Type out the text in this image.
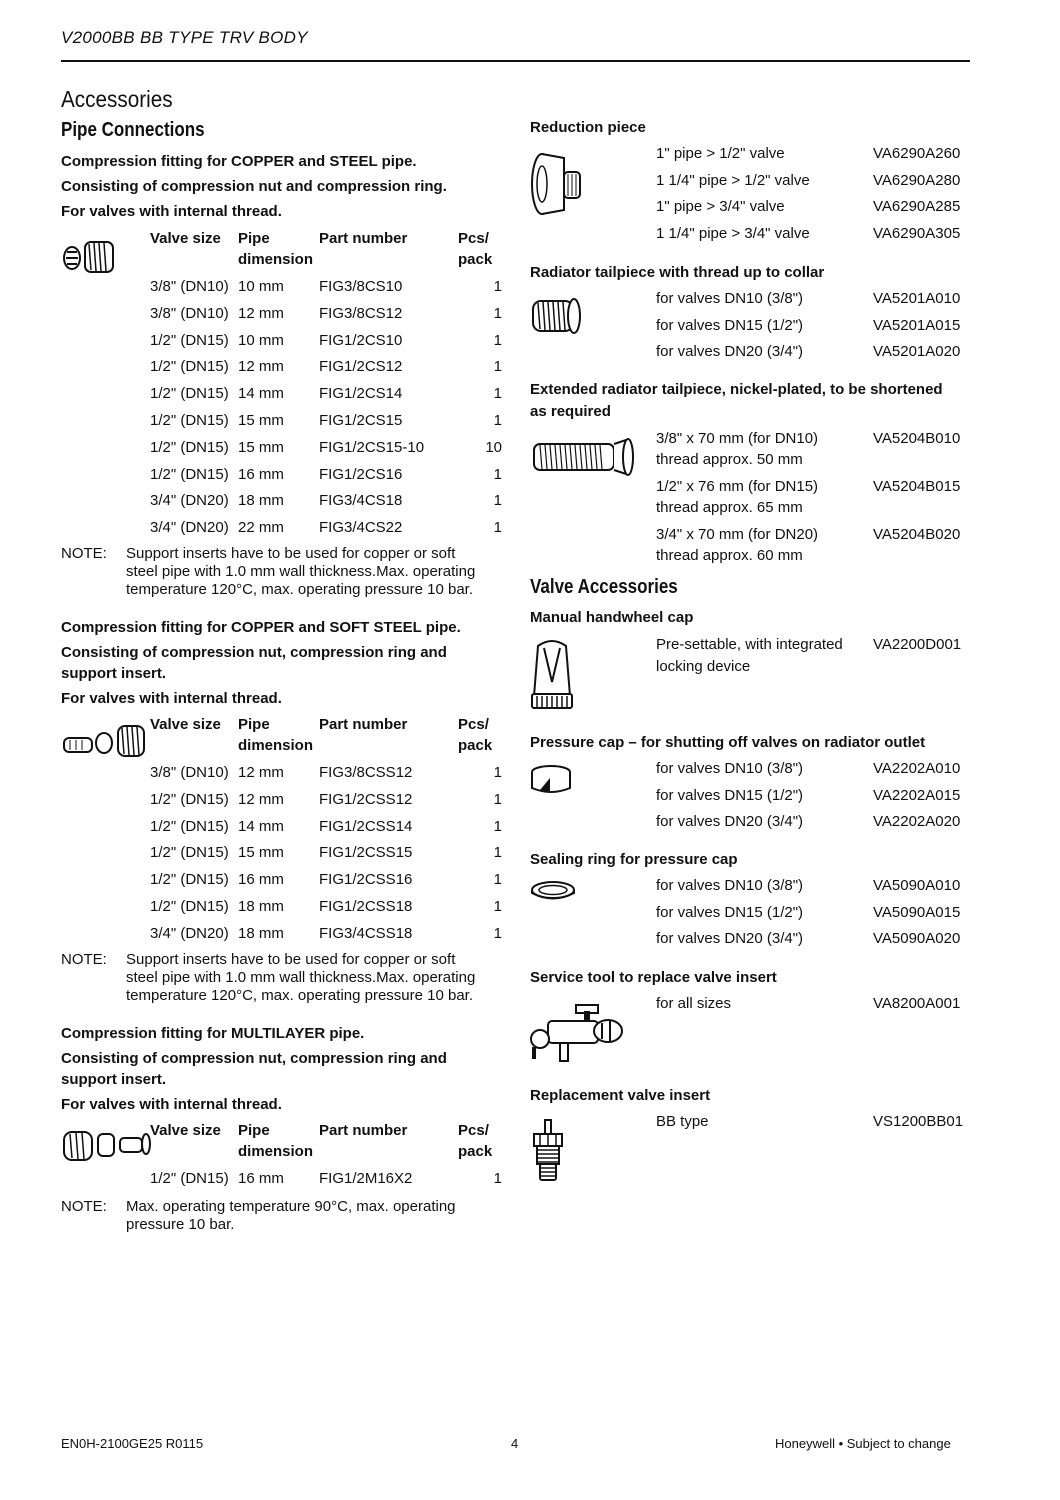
V2000BB BB TYPE TRV BODY
Accessories
Pipe Connections
Compression fitting for COPPER and STEEL pipe.
Consisting of compression nut and compression ring.
For valves with internal thread.
Valve size Pipe
dimension
Part number	Pcs/
pack
3/8" (DN10) 10 mm FIG3/8CS10	1
3/8" (DN10) 12 mm FIG3/8CS12	1
1/2" (DN15) 10 mm FIG1/2CS10	1
1/2" (DN15) 12 mm FIG1/2CS12	1
1/2" (DN15) 14 mm FIG1/2CS14	1
1/2" (DN15) 15 mm FIG1/2CS15	1
1/2" (DN15) 15 mm FIG1/2CS15-10	10
1/2" (DN15) 16 mm FIG1/2CS16	1
3/4" (DN20) 18 mm FIG3/4CS18	1
3/4" (DN20) 22 mm FIG3/4CS22	1
NOTE: Support inserts have to be used for copper or soft
steel pipe with 1.0 mm wall thickness.Max. operating
temperature 120°C, max. operating pressure 10 bar.
Compression fitting for COPPER and SOFT STEEL pipe.
Consisting of compression nut, compression ring and
support insert.
For valves with internal thread.
Valve size Pipe
dimension
Part number	Pcs/
pack
3/8" (DN10) 12 mm FIG3/8CSS12	1
1/2" (DN15) 12 mm FIG1/2CSS12	1
1/2" (DN15) 14 mm FIG1/2CSS14	1
1/2" (DN15) 15 mm FIG1/2CSS15	1
1/2" (DN15) 16 mm FIG1/2CSS16	1
1/2" (DN15) 18 mm FIG1/2CSS18	1
3/4" (DN20) 18 mm FIG3/4CSS18	1
NOTE: Support inserts have to be used for copper or soft
steel pipe with 1.0 mm wall thickness.Max. operating
temperature 120°C, max. operating pressure 10 bar.
Compression fitting for MULTILAYER pipe.
Consisting of compression nut, compression ring and
support insert.
For valves with internal thread.
Valve size Pipe
dimension
Part number	Pcs/
pack
1/2" (DN15) 16 mm FIG1/2M16X2	1
NOTE: Max. operating temperature 90°C, max. operating
pressure 10 bar.
Reduction piece
1" pipe > 1/2" valve	VA6290A260
1 1/4" pipe > 1/2" valve	VA6290A280
1" pipe > 3/4" valve	VA6290A285
1 1/4" pipe > 3/4" valve	VA6290A305
Radiator tailpiece with thread up to collar
for valves DN10 (3/8")	VA5201A010
for valves DN15 (1/2")	VA5201A015
for valves DN20 (3/4")	VA5201A020
Extended radiator tailpiece, nickel-plated, to be shortened
as required
3/8" x 70 mm (for DN10)
thread approx. 50 mm
VA5204B010
1/2" x 76 mm (for DN15)
thread approx. 65 mm
VA5204B015
3/4" x 70 mm (for DN20)
thread approx. 60 mm
VA5204B020
Valve Accessories
Manual handwheel cap
Pre-settable, with integrated
locking device
VA2200D001
Pressure cap – for shutting off valves on radiator outlet
for valves DN10 (3/8")	VA2202A010
for valves DN15 (1/2")	VA2202A015
for valves DN20 (3/4")	VA2202A020
Sealing ring for pressure cap
for valves DN10 (3/8")	VA5090A010
for valves DN15 (1/2")	VA5090A015
for valves DN20 (3/4")	VA5090A020
Service tool to replace valve insert
for all sizes	VA8200A001
Replacement valve insert
BB type	VS1200BB01
EN0H-2100GE25 R0115	4	Honeywell • Subject to change
